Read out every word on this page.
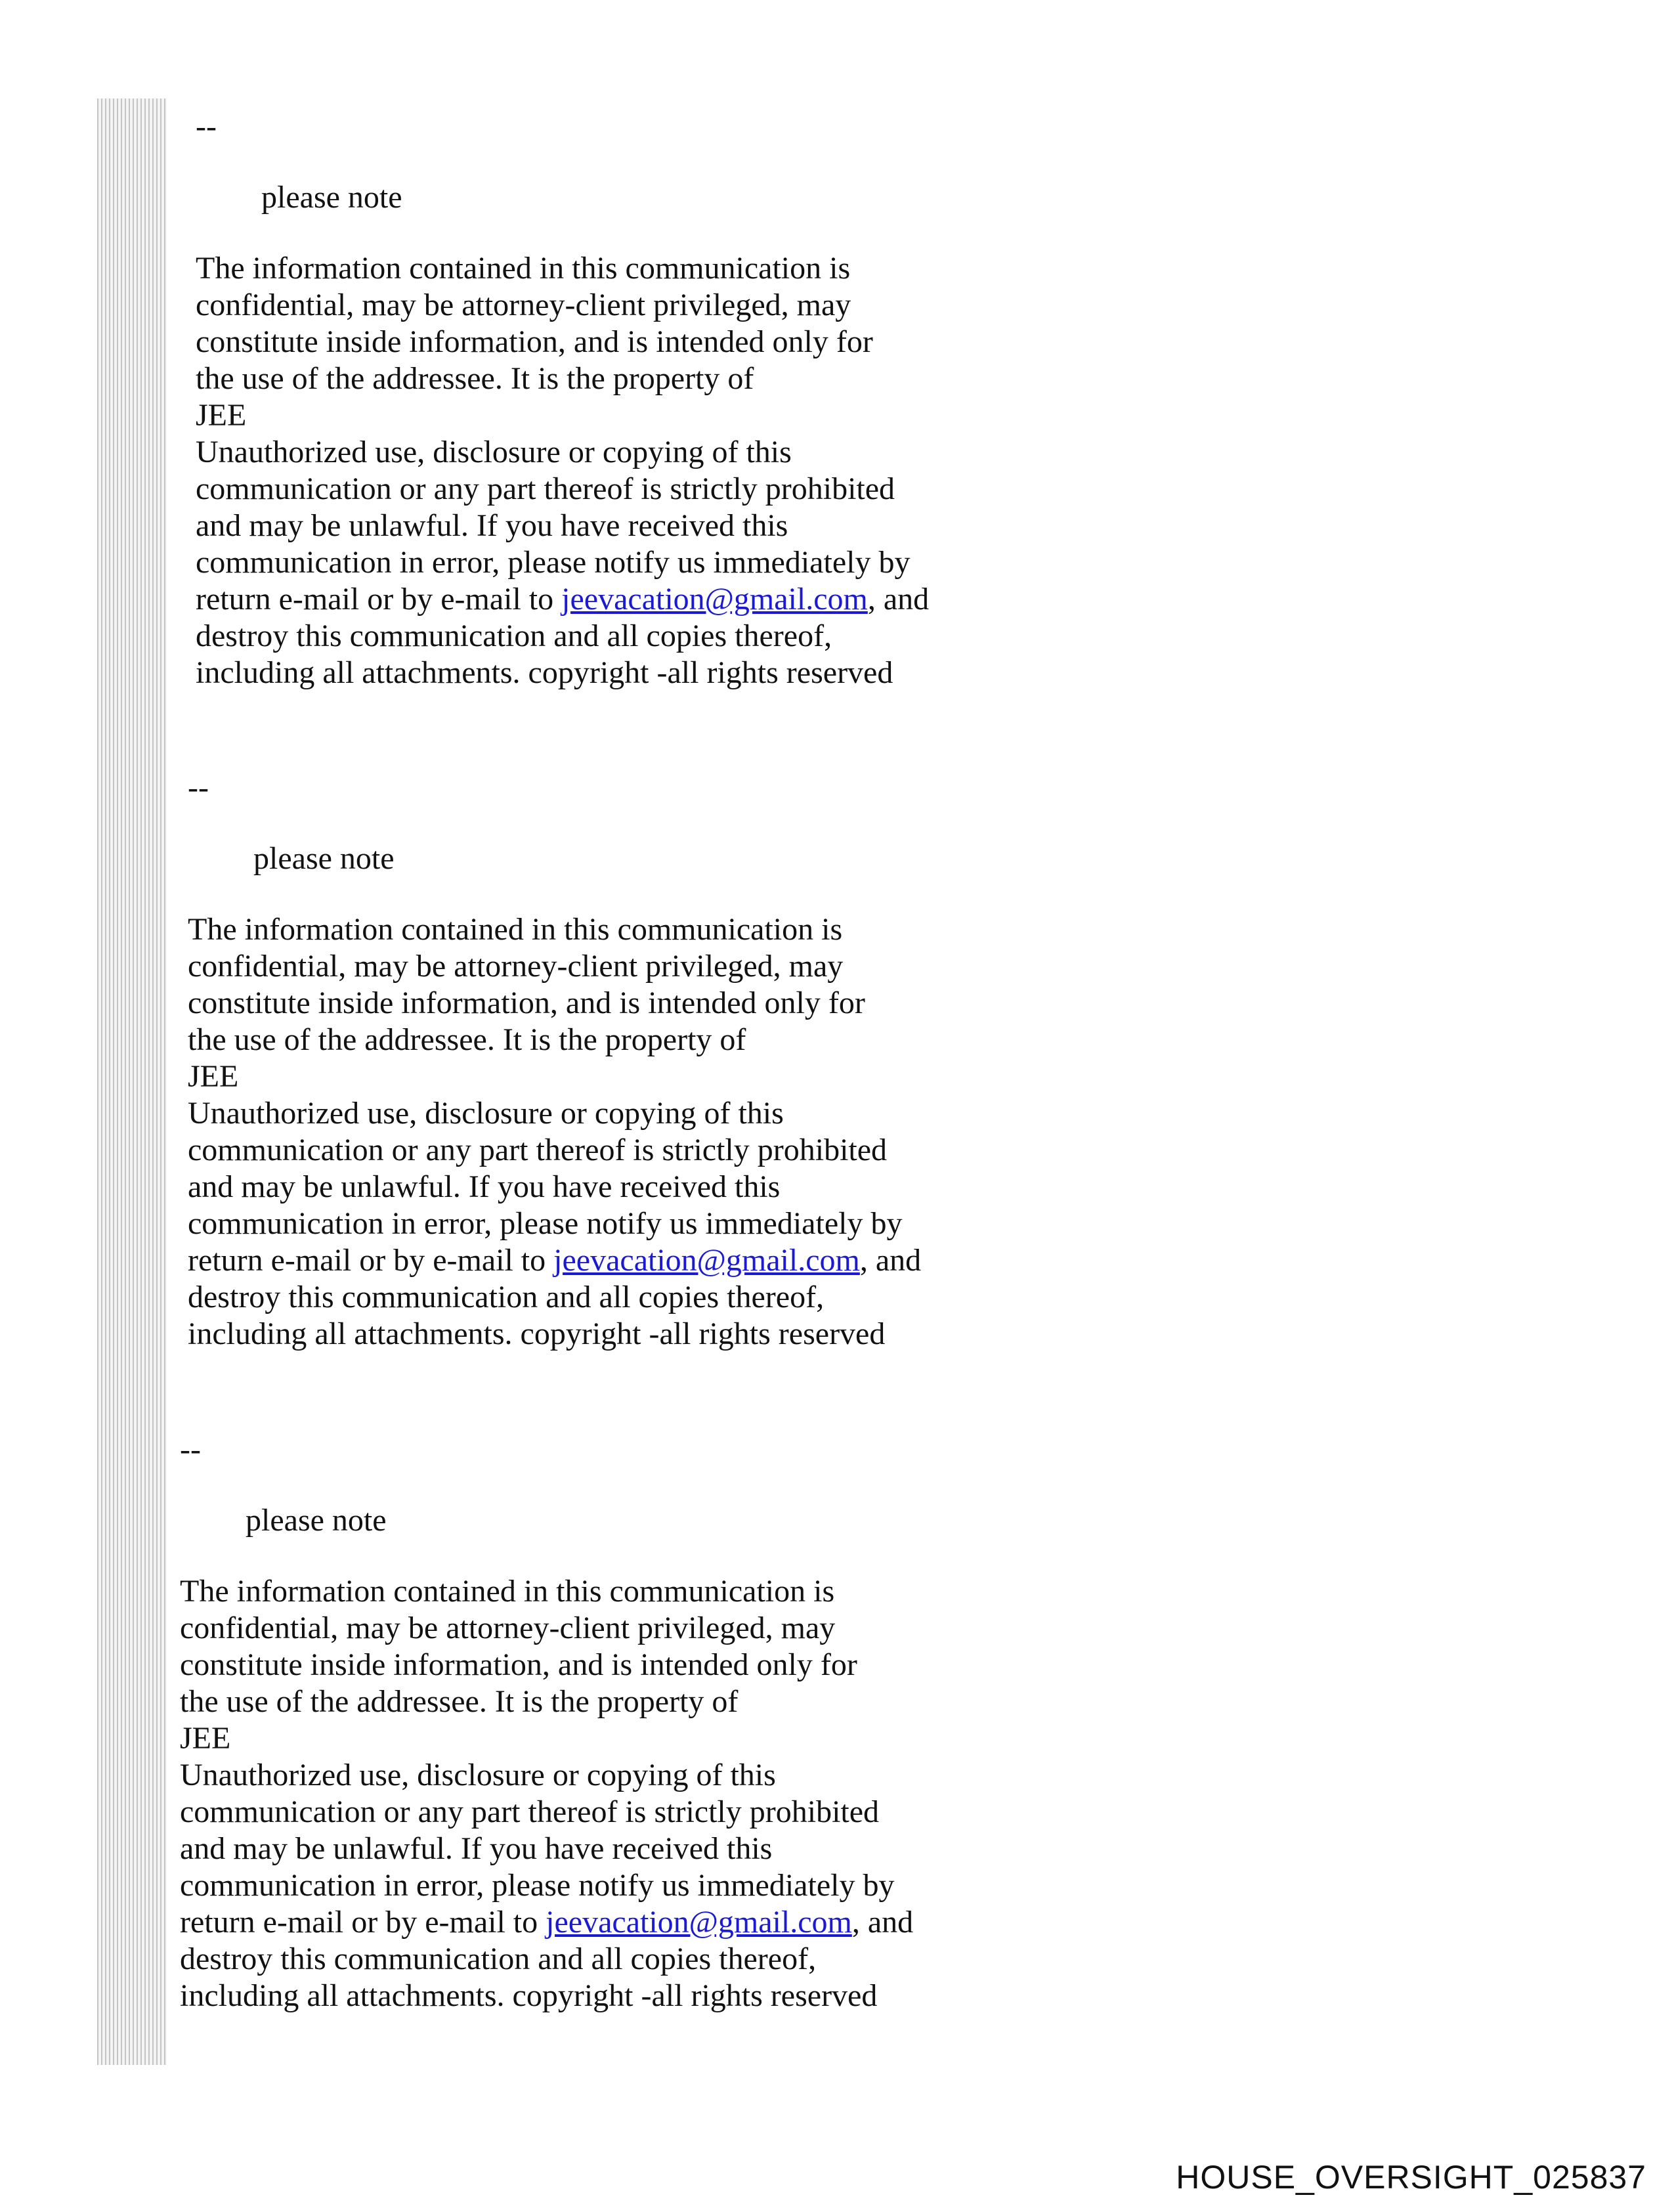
--
please note
The information contained in this communication is
confidential, may be attorney-client privileged, may
constitute inside information, and is intended only for
the use of the addressee. It is the property of
JEE
Unauthorized use, disclosure or copying of this
communication or any part thereof is strictly prohibited
and may be unlawful. If you have received this
communication in error, please notify us immediately by
return e-mail or by e-mail to jeevacation@gmail.com, and
destroy this communication and all copies thereof,
including all attachments. copyright -all rights reserved
--
please note
The information contained in this communication is
confidential, may be attorney-client privileged, may
constitute inside information, and is intended only for
the use of the addressee. It is the property of
JEE
Unauthorized use, disclosure or copying of this
communication or any part thereof is strictly prohibited
and may be unlawful. If you have received this
communication in error, please notify us immediately by
return e-mail or by e-mail to jeevacation@gmail.com, and
destroy this communication and all copies thereof,
including all attachments. copyright -all rights reserved
--
please note
The information contained in this communication is
confidential, may be attorney-client privileged, may
constitute inside information, and is intended only for
the use of the addressee. It is the property of
JEE
Unauthorized use, disclosure or copying of this
communication or any part thereof is strictly prohibited
and may be unlawful. If you have received this
communication in error, please notify us immediately by
return e-mail or by e-mail to jeevacation@gmail.com, and
destroy this communication and all copies thereof,
including all attachments. copyright -all rights reserved
HOUSE_OVERSIGHT_025837
